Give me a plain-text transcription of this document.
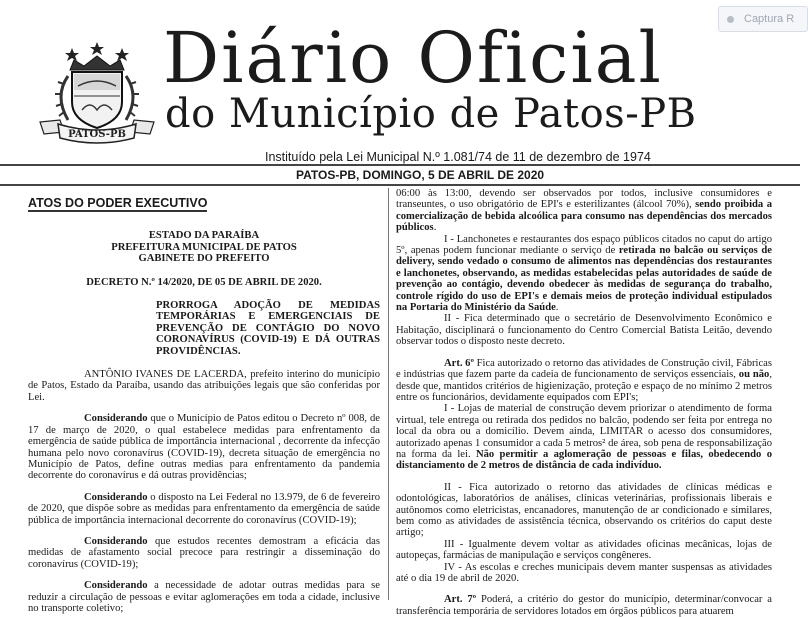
PATOS-PB
Diário Oficial
do Município de Patos-PB
Instituído pela Lei Municipal N.º 1.081/74 de 11 de dezembro de 1974
PATOS-PB, DOMINGO, 5 DE ABRIL DE 2020
Captura R
ATOS DO PODER EXECUTIVO
ESTADO DA PARAÍBA
PREFEITURA MUNICIPAL DE PATOS
GABINETE DO PREFEITO
DECRETO N.º 14/2020, DE 05 DE ABRIL DE 2020.
PRORROGA ADOÇÃO DE MEDIDAS TEMPORÁRIAS E EMERGENCIAIS DE PREVENÇÃO DE CONTÁGIO DO NOVO CORONAVÍRUS (COVID-19) E DÁ OUTRAS PROVIDÊNCIAS.
ANTÔNIO IVANES DE LACERDA, prefeito interino do município de Patos, Estado da Paraíba, usando das atribuições legais que são conferidas por Lei.
Considerando que o Município de Patos editou o Decreto nº 008, de 17 de março de 2020, o qual estabelece medidas para enfrentamento da emergência de saúde pública de importância internacional , decorrente da infecção humana pelo novo coronavírus (COVID-19), decreta situação de emergência no Município de Patos, define outras medias para enfrentamento da pandemia decorrente do coronavírus e dá outras providências;
Considerando o disposto na Lei Federal no 13.979, de 6 de fevereiro de 2020, que dispõe sobre as medidas para enfrentamento da emergência de saúde pública de importância internacional decorrente do coronavírus (COVID-19);
Considerando que estudos recentes demostram a eficácia das medidas de afastamento social precoce para restringir a disseminação do coronavírus (COVID-19);
Considerando a necessidade de adotar outras medidas para se reduzir a circulação de pessoas e evitar aglomerações em toda a cidade, inclusive no transporte coletivo;
06:00 às 13:00, devendo ser observados por todos, inclusive consumidores e transeuntes, o uso obrigatório de EPI's e esterilizantes (álcool 70%), sendo proibida a comercialização de bebida alcoólica para consumo nas dependências dos mercados públicos.
I - Lanchonetes e restaurantes dos espaço públicos citados no caput do artigo 5º, apenas podem funcionar mediante o serviço de retirada no balcão ou serviços de delivery, sendo vedado o consumo de alimentos nas dependências dos restaurantes e lanchonetes, observando, as medidas estabelecidas pelas autoridades de saúde de prevenção ao contágio, devendo obedecer às medidas de segurança do trabalho, controle rígido do uso de EPI's e demais meios de proteção individual estipulados na Portaria do Ministério da Saúde.
II - Fica determinado que o secretário de Desenvolvimento Econômico e Habitação, disciplinará o funcionamento do Centro Comercial Batista Leitão, devendo observar todos o disposto neste decreto.
Art. 6º Fica autorizado o retorno das atividades de Construção civil, Fábricas e indústrias que fazem parte da cadeia de funcionamento de serviços essenciais, ou não, desde que, mantidos critérios de higienização, proteção e espaço de no mínimo 2 metros entre os funcionários, devidamente equipados com EPI's;
I - Lojas de material de construção devem priorizar o atendimento de forma virtual, tele entrega ou retirada dos pedidos no balcão, podendo ser feita por entrega no local da obra ou a domicílio. Devem ainda, LIMITAR o acesso dos consumidores, autorizado apenas 1 consumidor a cada 5 metros² de área, sob pena de responsabilização na forma da lei. Não permitir a aglomeração de pessoas e filas, obedecendo o distanciamento de 2 metros de distância de cada indivíduo.
II - Fica autorizado o retorno das atividades de clínicas médicas e odontológicas, laboratórios de análises, clínicas veterinárias, profissionais liberais e autônomos como eletricistas, encanadores, manutenção de ar condicionado e similares, bem como as atividades de assistência técnica, observando os critérios do caput deste artigo;
III - Igualmente devem voltar as atividades oficinas mecânicas, lojas de autopeças, farmácias de manipulação e serviços congêneres.
IV - As escolas e creches municipais devem manter suspensas as atividades até o dia 19 de abril de 2020.
Art. 7º Poderá, a critério do gestor do município, determinar/convocar a transferência temporária de servidores lotados em órgãos públicos para atuarem
